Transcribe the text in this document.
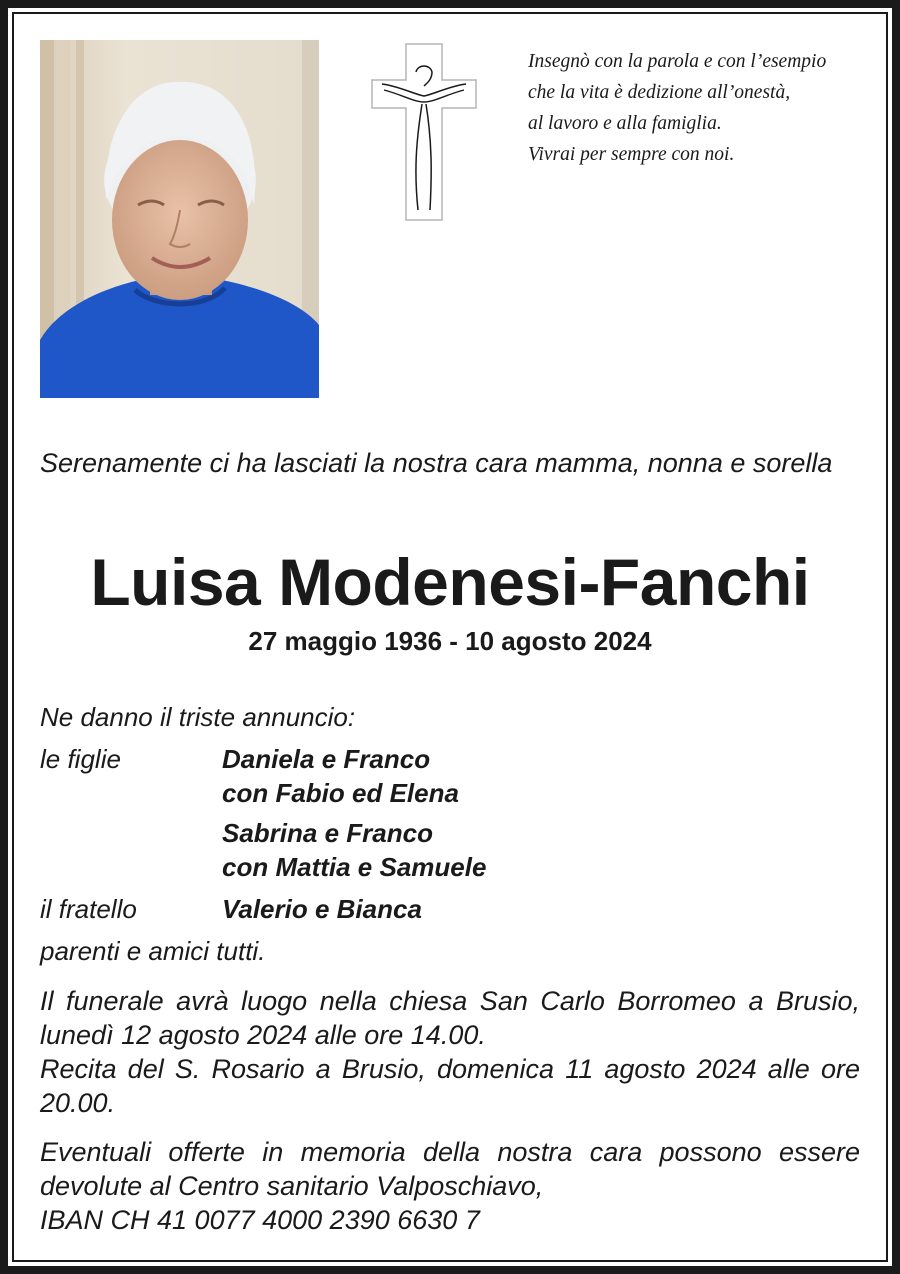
Insegnò con la parola e con l’esempio
che la vita è dedizione all’onestà,
al lavoro e alla famiglia.
Vivrai per sempre con noi.
Serenamente ci ha lasciati la nostra cara mamma, nonna e sorella
Luisa Modenesi-Fanchi
27 maggio 1936 - 10 agosto 2024
Ne danno il triste annuncio:
le figlie	Daniela e Franco
con Fabio ed Elena
Sabrina e Franco
con Mattia e Samuele
il fratello	Valerio e Bianca
parenti e amici tutti.
Il funerale avrà luogo nella chiesa San Carlo Borromeo a Brusio, lunedì 12 agosto 2024 alle ore 14.00.
Recita del S. Rosario a Brusio, domenica 11 agosto 2024 alle ore 20.00.
Eventuali offerte in memoria della nostra cara possono essere devolute al Centro sanitario Valposchiavo,
IBAN CH 41 0077 4000 2390 6630 7
